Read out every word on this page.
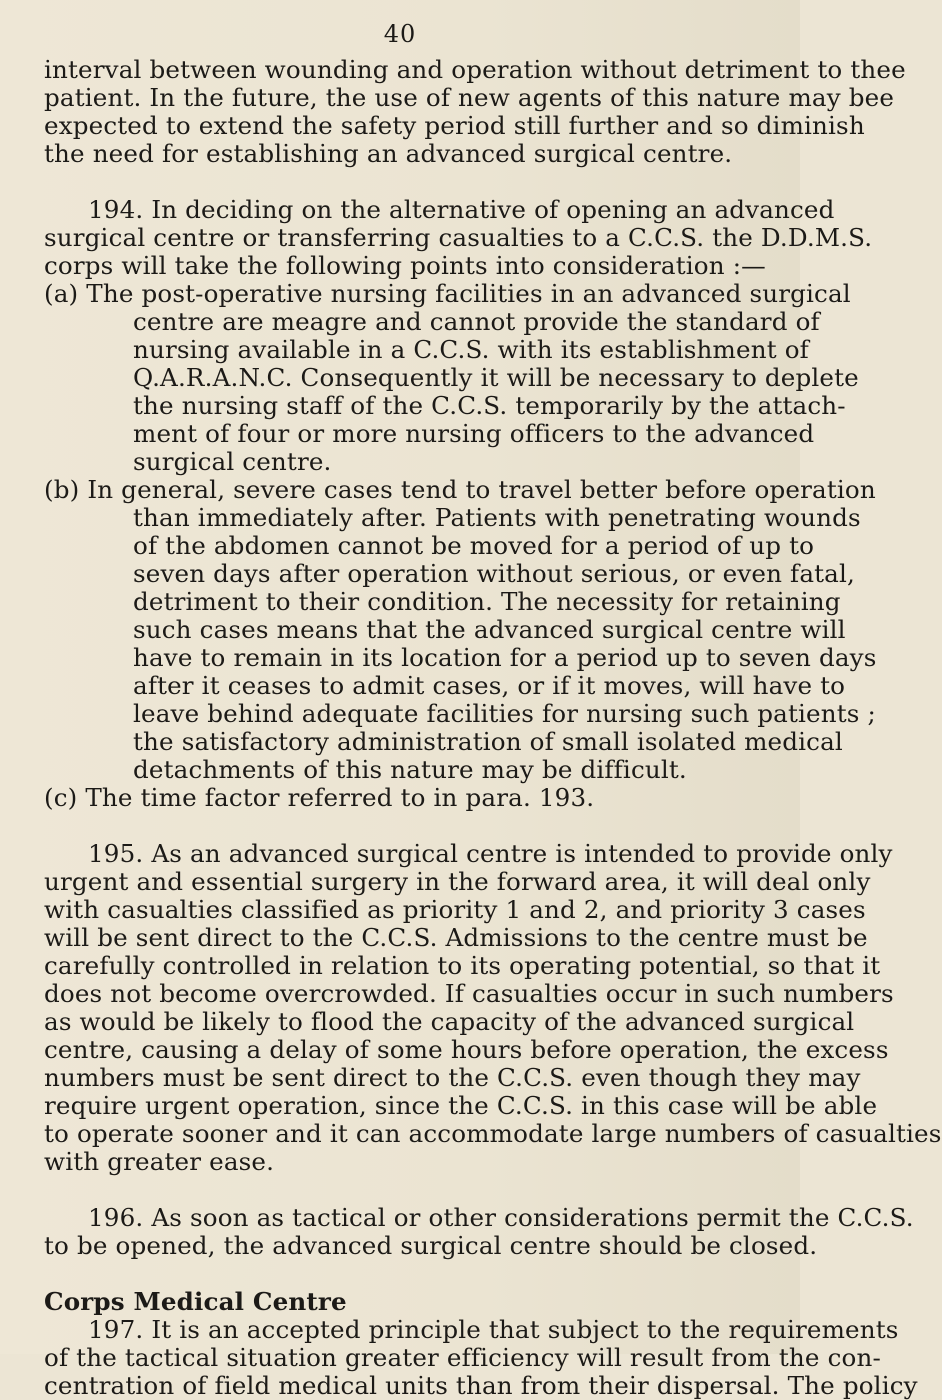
40
interval between wounding and operation without detriment to thee
patient. In the future, the use of new agents of this nature may bee
expected to extend the safety period still further and so diminish
the need for establishing an advanced surgical centre.
194. In deciding on the alternative of opening an advanced
surgical centre or transferring casualties to a C.C.S. the D.D.M.S.
corps will take the following points into consideration :—
(a) The post-operative nursing facilities in an advanced surgical
centre are meagre and cannot provide the standard of
nursing available in a C.C.S. with its establishment of
Q.A.R.A.N.C. Consequently it will be necessary to deplete
the nursing staff of the C.C.S. temporarily by the attach-
ment of four or more nursing officers to the advanced
surgical centre.
(b) In general, severe cases tend to travel better before operation
than immediately after. Patients with penetrating wounds
of the abdomen cannot be moved for a period of up to
seven days after operation without serious, or even fatal,
detriment to their condition. The necessity for retaining
such cases means that the advanced surgical centre will
have to remain in its location for a period up to seven days
after it ceases to admit cases, or if it moves, will have to
leave behind adequate facilities for nursing such patients ;
the satisfactory administration of small isolated medical
detachments of this nature may be difficult.
(c) The time factor referred to in para. 193.
195. As an advanced surgical centre is intended to provide only
urgent and essential surgery in the forward area, it will deal only
with casualties classified as priority 1 and 2, and priority 3 cases
will be sent direct to the C.C.S. Admissions to the centre must be
carefully controlled in relation to its operating potential, so that it
does not become overcrowded. If casualties occur in such numbers
as would be likely to flood the capacity of the advanced surgical
centre, causing a delay of some hours before operation, the excess
numbers must be sent direct to the C.C.S. even though they may
require urgent operation, since the C.C.S. in this case will be able
to operate sooner and it can accommodate large numbers of casualties
with greater ease.
196. As soon as tactical or other considerations permit the C.C.S.
to be opened, the advanced surgical centre should be closed.
Corps Medical Centre
197. It is an accepted principle that subject to the requirements
of the tactical situation greater efficiency will result from the con-
centration of field medical units than from their dispersal. The policy
